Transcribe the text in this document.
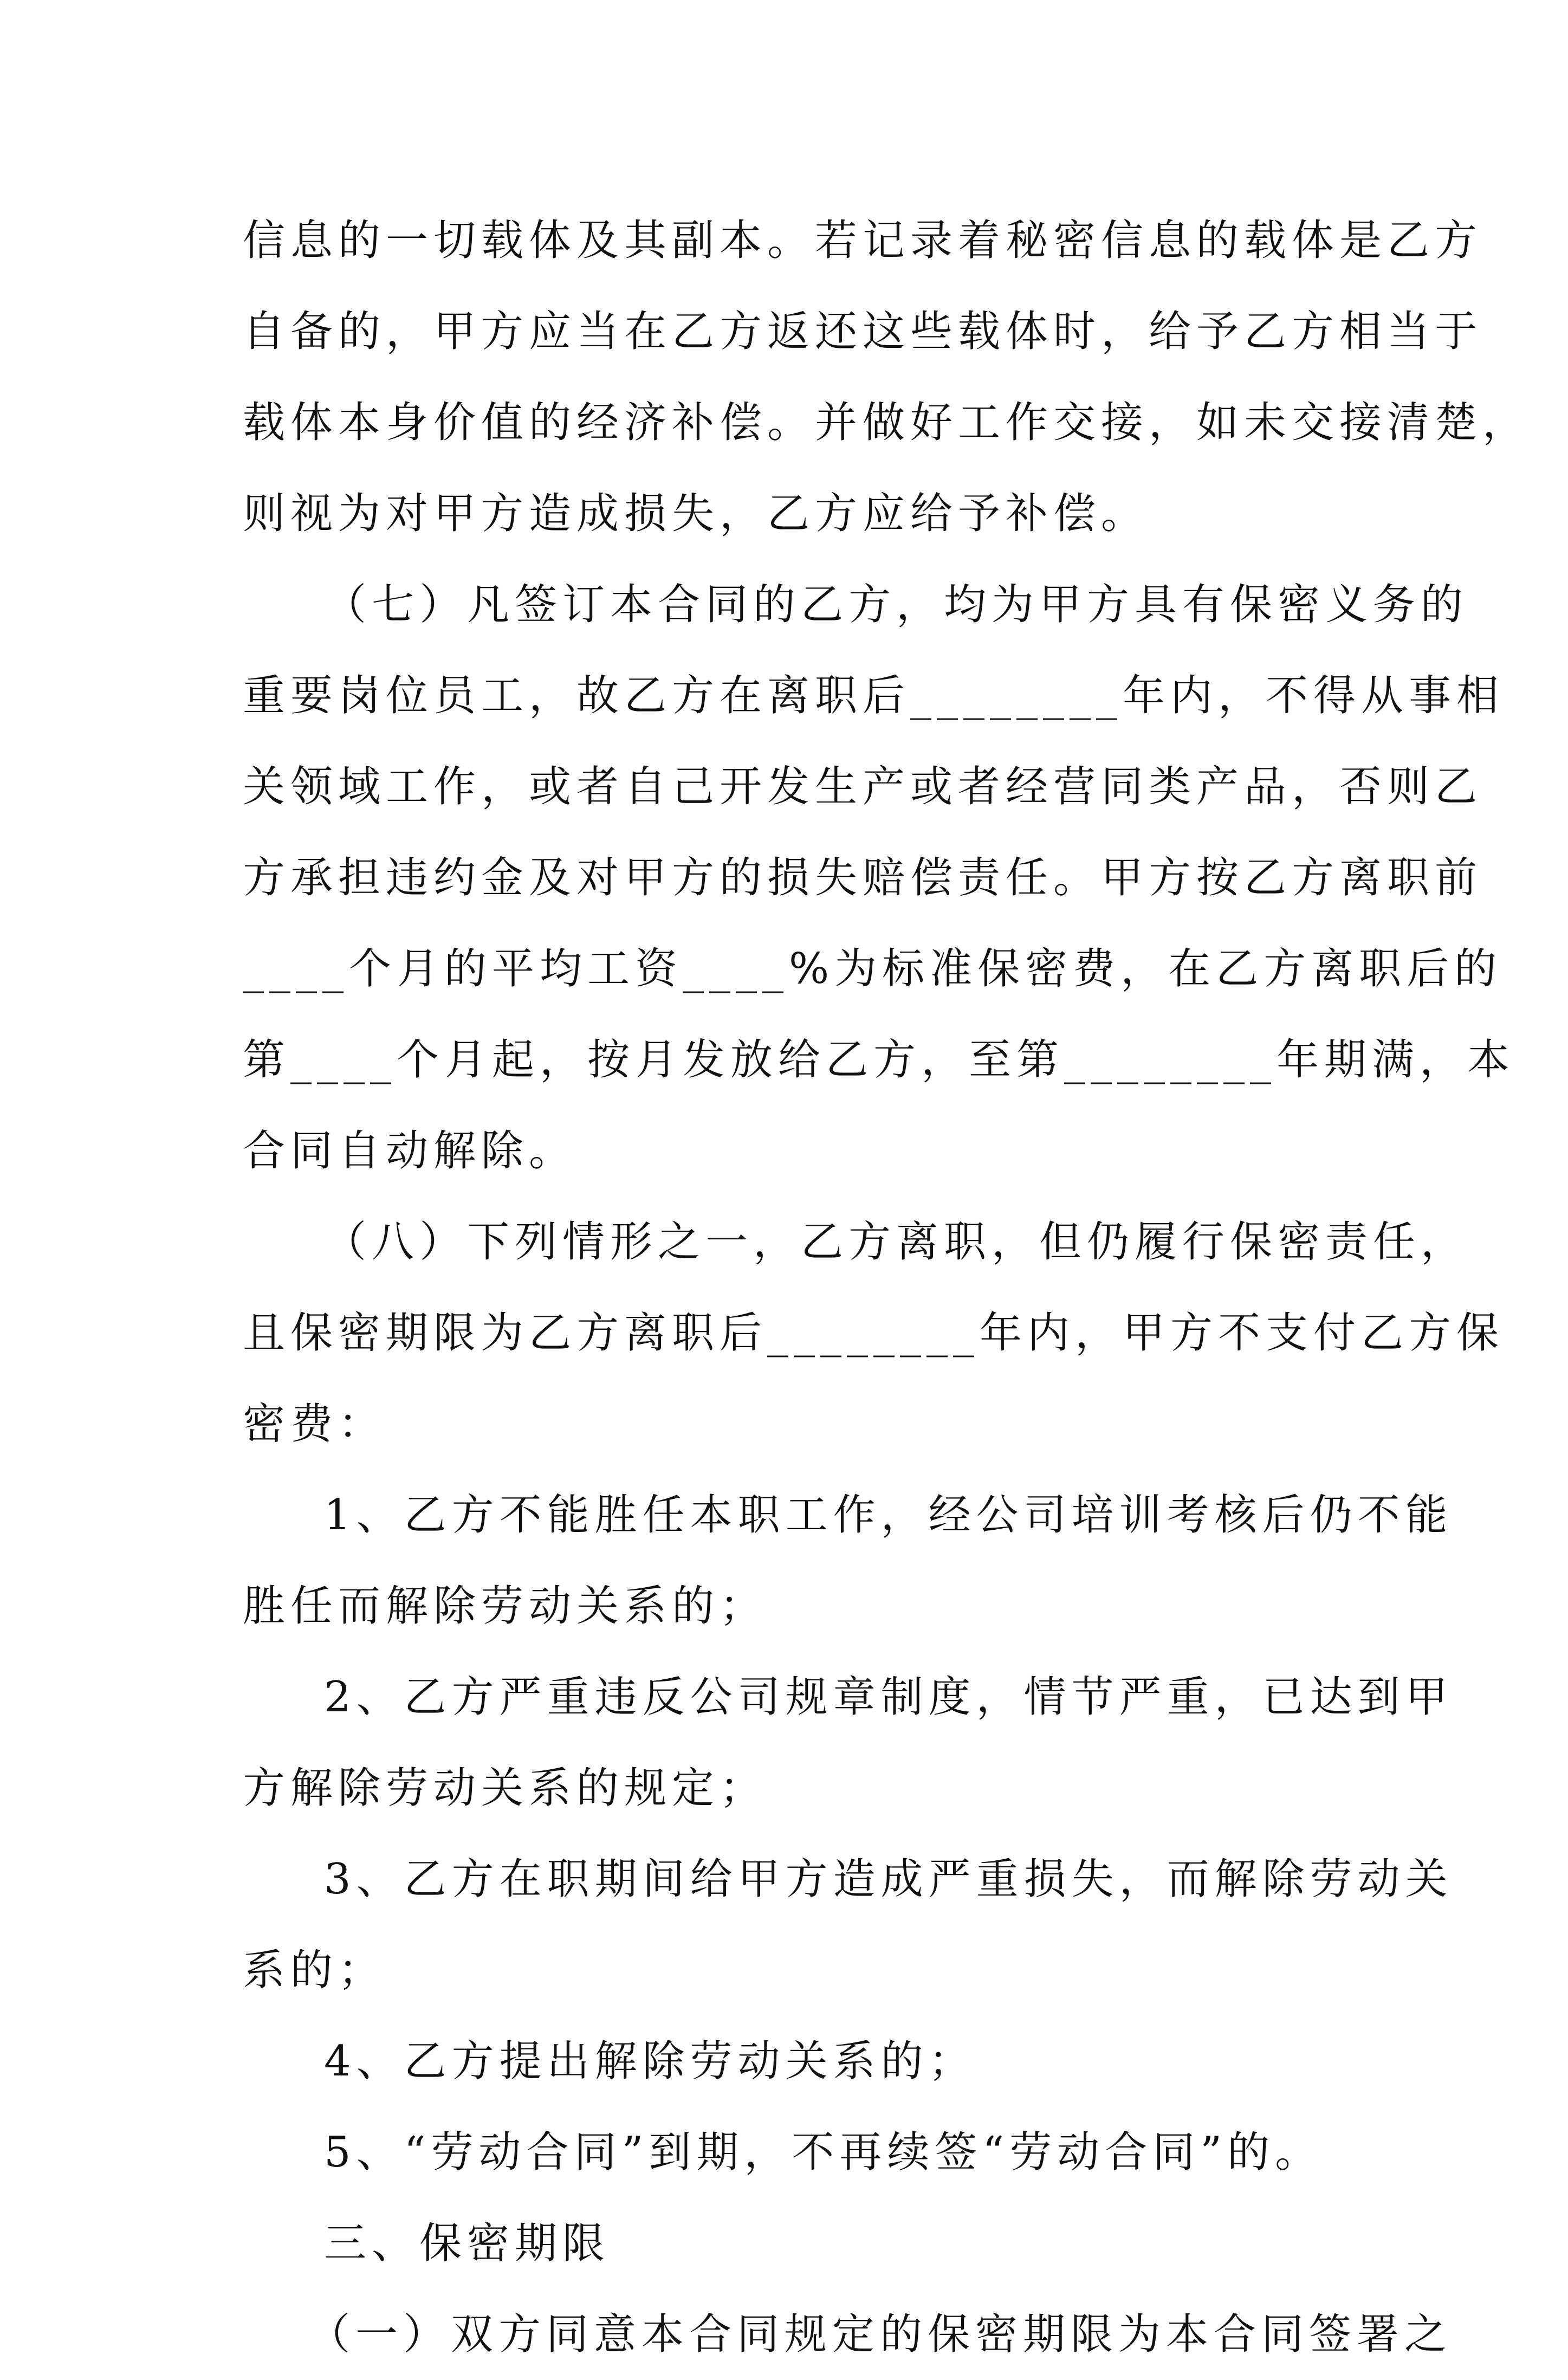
信息的一切载体及其副本。若记录着秘密信息的载体是乙方
自备的，甲方应当在乙方返还这些载体时，给予乙方相当于
载体本身价值的经济补偿。并做好工作交接，如未交接清楚，
则视为对甲方造成损失，乙方应给予补偿。
（七）凡签订本合同的乙方，均为甲方具有保密义务的
重要岗位员工，故乙方在离职后________年内，不得从事相
关领域工作，或者自己开发生产或者经营同类产品，否则乙
方承担违约金及对甲方的损失赔偿责任。甲方按乙方离职前
____个月的平均工资____%为标准保密费，在乙方离职后的
第____个月起，按月发放给乙方，至第________年期满，本
合同自动解除。
（八）下列情形之一，乙方离职，但仍履行保密责任，
且保密期限为乙方离职后________年内，甲方不支付乙方保
密费：
1、乙方不能胜任本职工作，经公司培训考核后仍不能
胜任而解除劳动关系的；
2、乙方严重违反公司规章制度，情节严重，已达到甲
方解除劳动关系的规定；
3、乙方在职期间给甲方造成严重损失，而解除劳动关
系的；
4、乙方提出解除劳动关系的；
5、“劳动合同”到期，不再续签“劳动合同”的。
三、保密期限
（一）双方同意本合同规定的保密期限为本合同签署之
